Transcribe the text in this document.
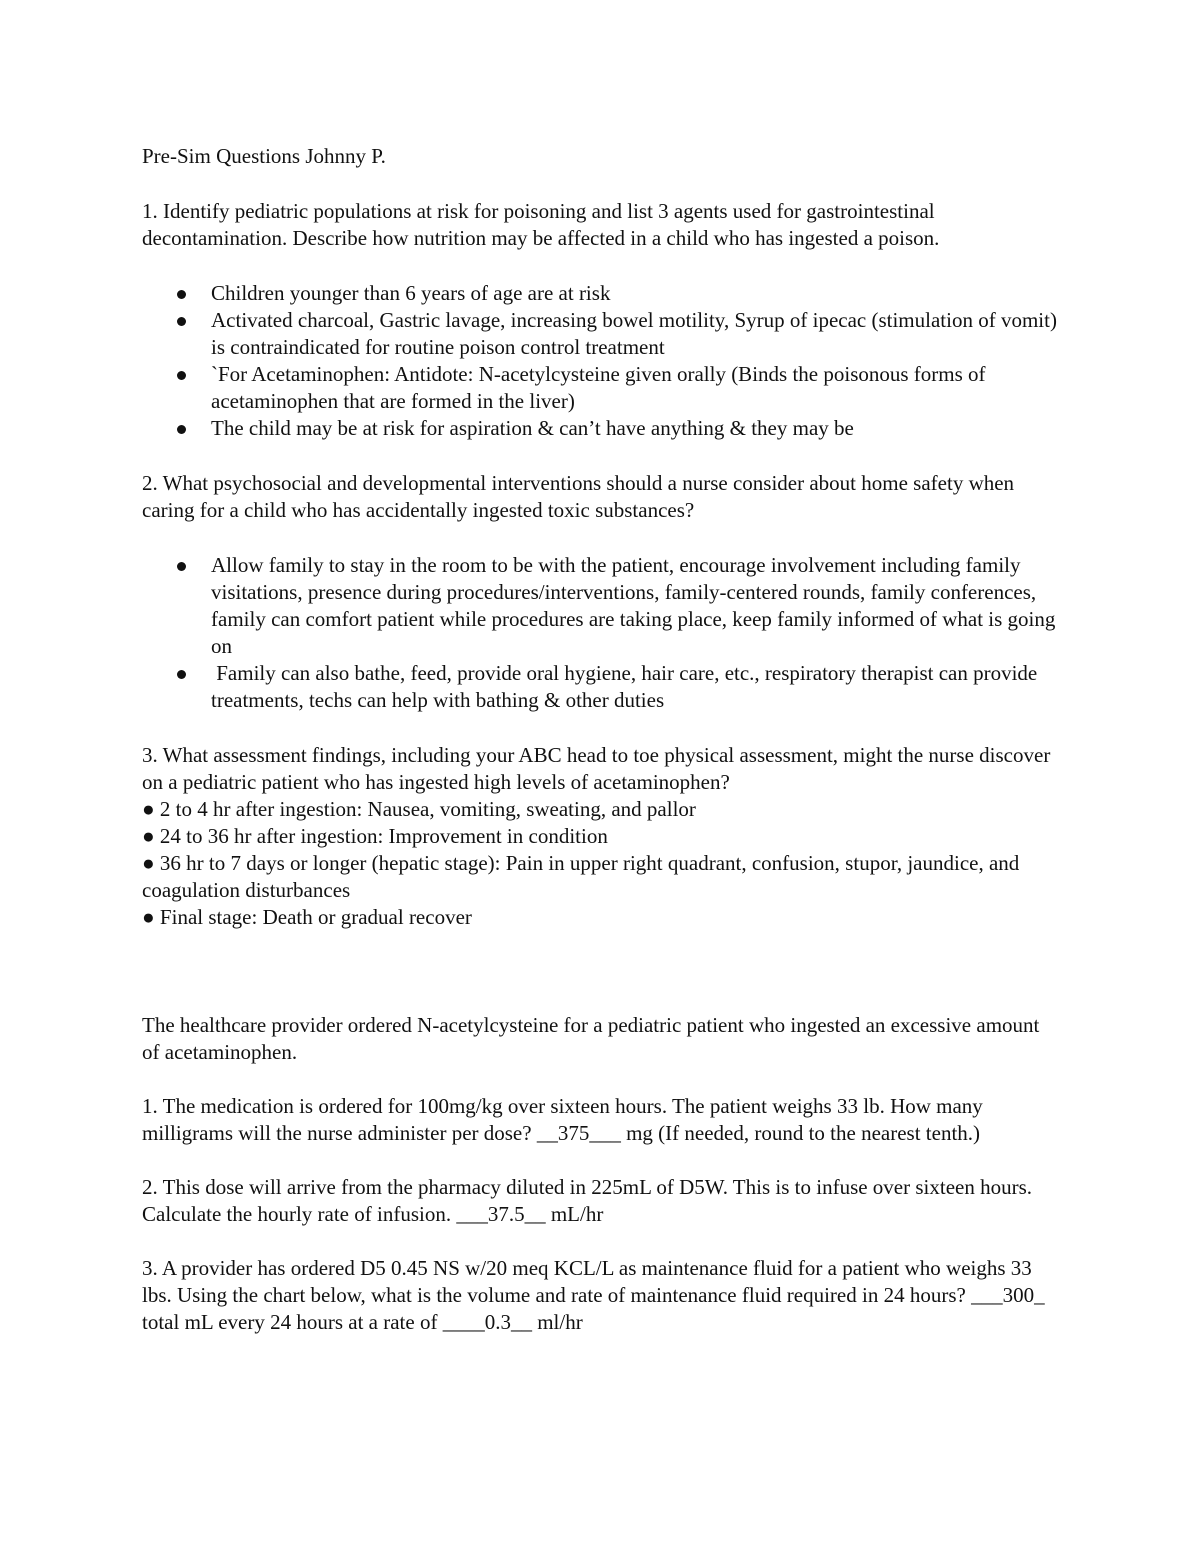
Pre-Sim Questions Johnny P.

1. Identify pediatric populations at risk for poisoning and list 3 agents used for gastrointestinal decontamination. Describe how nutrition may be affected in a child who has ingested a poison.

Children younger than 6 years of age are at risk
Activated charcoal, Gastric lavage, increasing bowel motility, Syrup of ipecac (stimulation of vomit) is contraindicated for routine poison control treatment
`For Acetaminophen: Antidote: N-acetylcysteine given orally (Binds the poisonous forms of acetaminophen that are formed in the liver)
The child may be at risk for aspiration & can’t have anything & they may be

2. What psychosocial and developmental interventions should a nurse consider about home safety when caring for a child who has accidentally ingested toxic substances?

Allow family to stay in the room to be with the patient, encourage involvement including family visitations, presence during procedures/interventions, family-centered rounds, family conferences, family can comfort patient while procedures are taking place, keep family informed of what is going on
Family can also bathe, feed, provide oral hygiene, hair care, etc., respiratory therapist can provide treatments, techs can help with bathing & other duties

3. What assessment findings, including your ABC head to toe physical assessment, might the nurse discover on a pediatric patient who has ingested high levels of acetaminophen?

● 2 to 4 hr after ingestion: Nausea, vomiting, sweating, and pallor

● 24 to 36 hr after ingestion: Improvement in condition

● 36 hr to 7 days or longer (hepatic stage): Pain in upper right quadrant, confusion, stupor, jaundice, and coagulation disturbances

● Final stage: Death or gradual recover

The healthcare provider ordered N-acetylcysteine for a pediatric patient who ingested an excessive amount of acetaminophen.

1. The medication is ordered for 100mg/kg over sixteen hours. The patient weighs 33 lb. How many milligrams will the nurse administer per dose? __375___ mg (If needed, round to the nearest tenth.)

2. This dose will arrive from the pharmacy diluted in 225mL of D5W. This is to infuse over sixteen hours. Calculate the hourly rate of infusion. ___37.5__ mL/hr

3. A provider has ordered D5 0.45 NS w/20 meq KCL/L as maintenance fluid for a patient who weighs 33 lbs. Using the chart below, what is the volume and rate of maintenance fluid required in 24 hours? ___300_ total mL every 24 hours at a rate of ____0.3__ ml/hr
